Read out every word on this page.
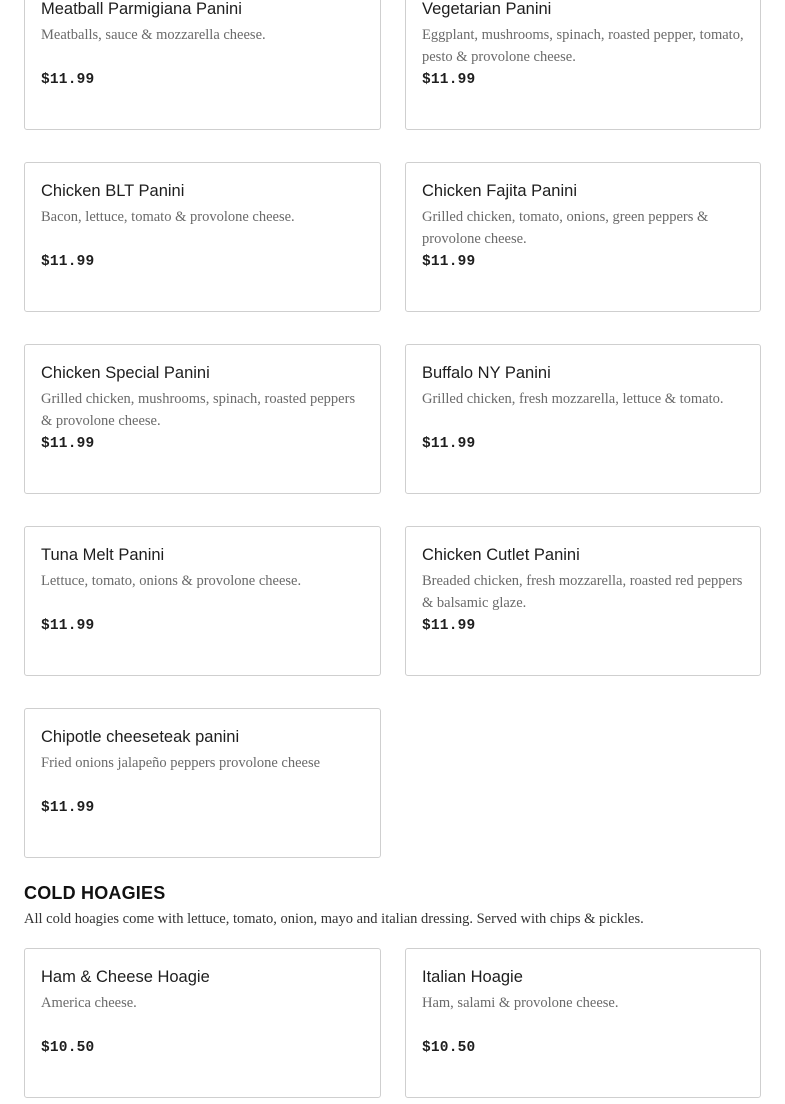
Meatball Parmigiana Panini
Meatballs, sauce & mozzarella cheese.
$11.99
Vegetarian Panini
Eggplant, mushrooms, spinach, roasted pepper, tomato, pesto & provolone cheese.
$11.99
Chicken BLT Panini
Bacon, lettuce, tomato & provolone cheese.
$11.99
Chicken Fajita Panini
Grilled chicken, tomato, onions, green peppers & provolone cheese.
$11.99
Chicken Special Panini
Grilled chicken, mushrooms, spinach, roasted peppers & provolone cheese.
$11.99
Buffalo NY Panini
Grilled chicken, fresh mozzarella, lettuce & tomato.
$11.99
Tuna Melt Panini
Lettuce, tomato, onions & provolone cheese.
$11.99
Chicken Cutlet Panini
Breaded chicken, fresh mozzarella, roasted red peppers & balsamic glaze.
$11.99
Chipotle cheeseteak panini
Fried onions jalapeño peppers provolone cheese
$11.99
COLD HOAGIES
All cold hoagies come with lettuce, tomato, onion, mayo and italian dressing. Served with chips & pickles.
Ham & Cheese Hoagie
America cheese.
$10.50
Italian Hoagie
Ham, salami & provolone cheese.
$10.50
